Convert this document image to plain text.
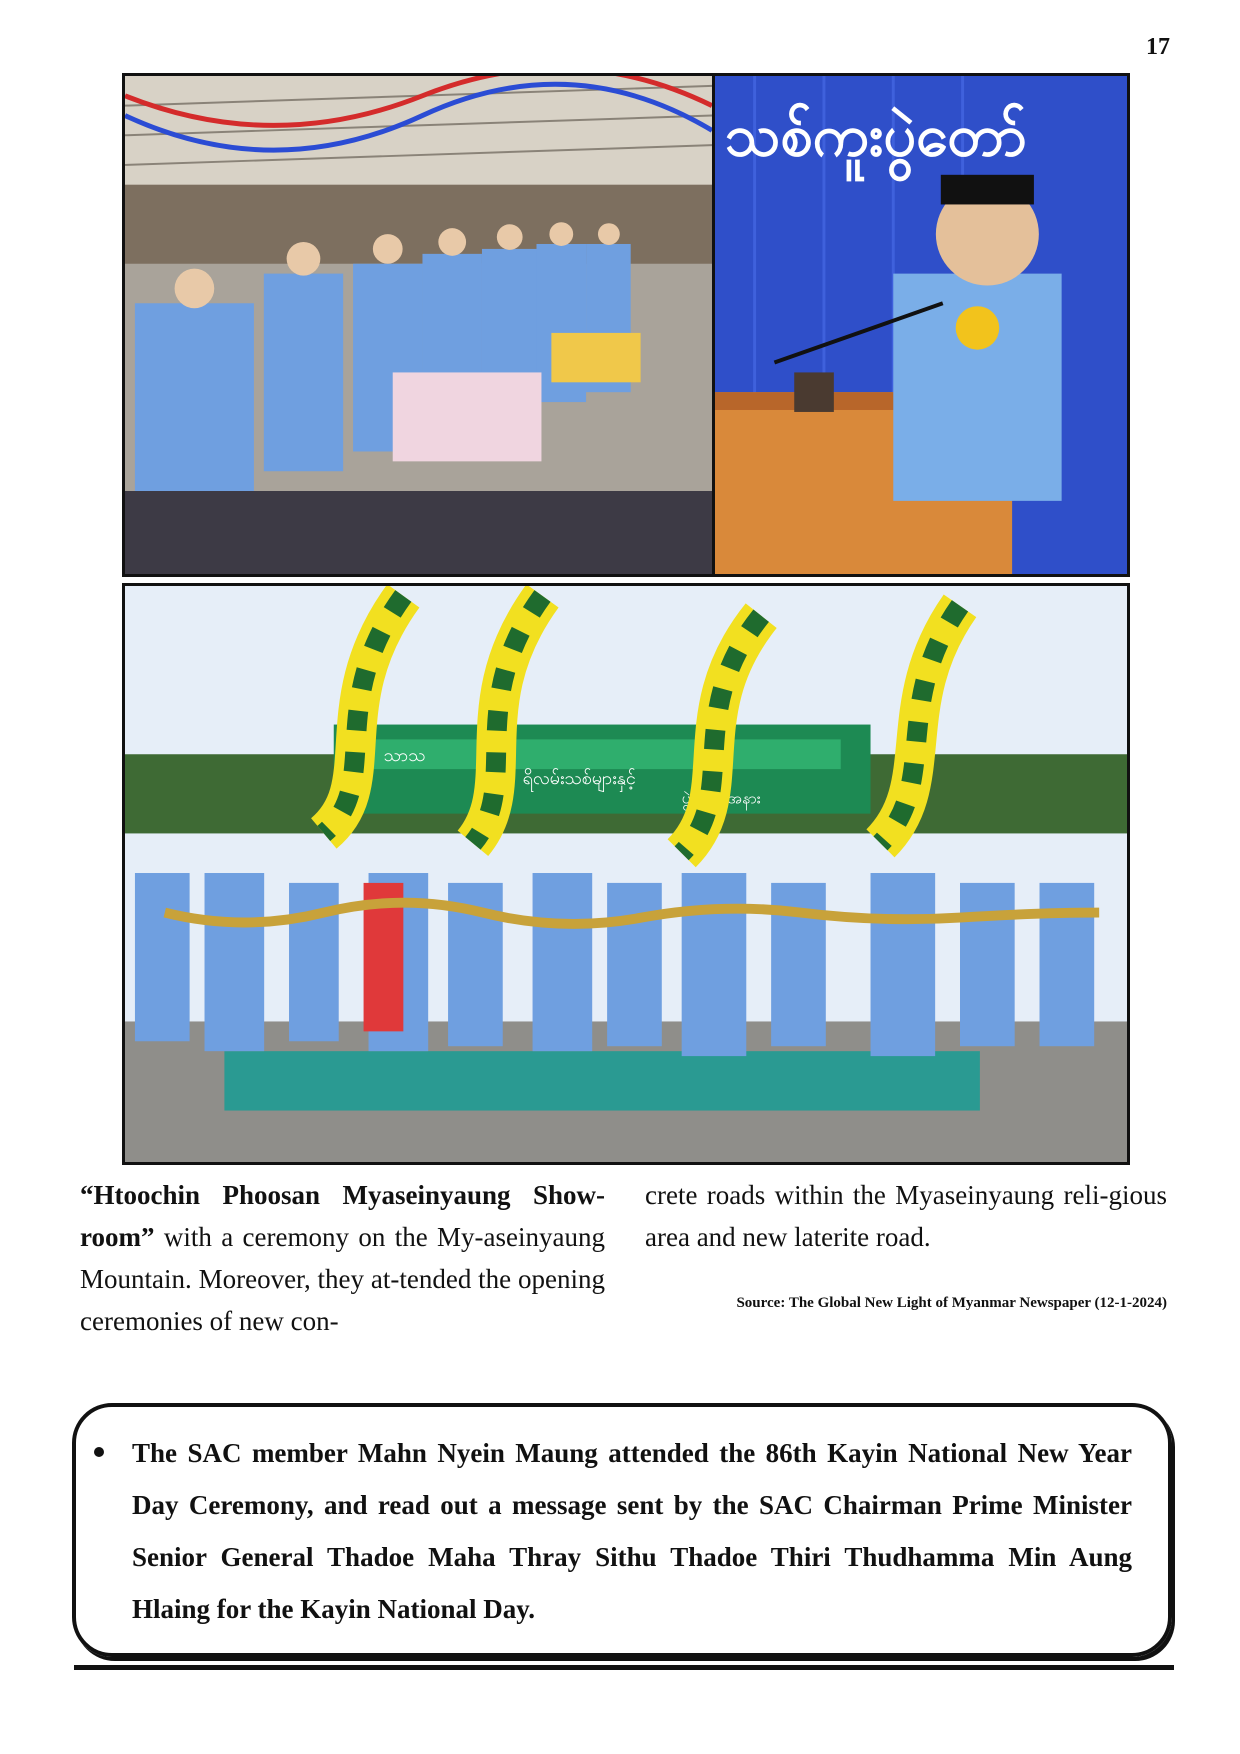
17
သစ်ကူးပွဲတော်
သာသ
ရိလမ်းသစ်များနှင့်
ပွဲအခမ်းအနား
“Htoochin Phoosan Myaseinyaung Show-room” with a ceremony on the My-aseinyaung Mountain. Moreover, they at-tended the opening ceremonies of new con-
crete roads within the Myaseinyaung reli-gious area and new laterite road.
Source: The Global New Light of Myanmar Newspaper (12-1-2024)
The SAC member Mahn Nyein Maung attended the 86th Kayin National New Year Day Ceremony, and read out a message sent by the SAC Chairman Prime Minister Senior General Thadoe Maha Thray Sithu Thadoe Thiri Thudhamma Min Aung Hlaing for the Kayin National Day.
